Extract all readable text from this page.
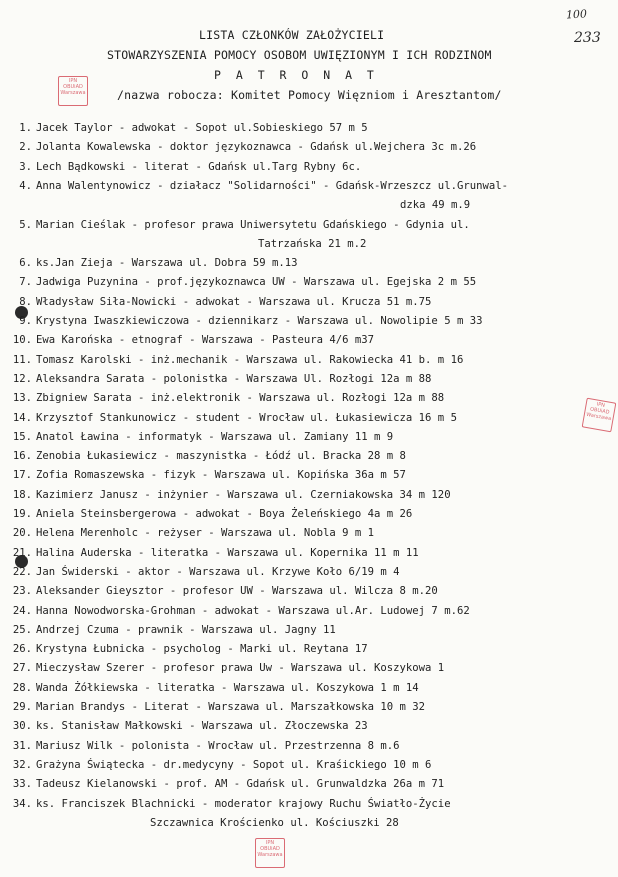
100
233
LISTA CZŁONKÓW ZAŁOŻYCIELI
STOWARZYSZENIA POMOCY OSOBOM UWIĘZIONYM I ICH RODZINOM
P A T R O N A T
/nazwa robocza: Komitet Pomocy Więzniom i Aresztantom/
IPN OBUiAD Warszawa
IPN OBUiAD Warszawa
IPN OBUiAD Warszawa
1. Jacek Taylor - adwokat - Sopot ul.Sobieskiego 57 m 5
2. Jolanta Kowalewska - doktor językoznawca - Gdańsk ul.Wejchera 3c m.26
3. Lech Bądkowski - literat - Gdańsk ul.Targ Rybny 6c.
4. Anna Walentynowicz - działacz "Solidarności" - Gdańsk-Wrzeszcz ul.Grunwal-
dzka 49 m.9
5. Marian Cieślak - profesor prawa Uniwersytetu Gdańskiego - Gdynia ul.
Tatrzańska 21 m.2
6. ks.Jan Zieja - Warszawa ul. Dobra 59 m.13
7. Jadwiga Puzynina - prof.językoznawca UW - Warszawa ul. Egejska 2 m 55
8. Władysław Siła-Nowicki - adwokat - Warszawa ul. Krucza 51 m.75
9. Krystyna Iwaszkiewiczowa - dziennikarz - Warszawa ul. Nowolipie 5 m 33
10. Ewa Karońska - etnograf - Warszawa - Pasteura 4/6 m37
11. Tomasz Karolski - inż.mechanik - Warszawa ul. Rakowiecka 41 b. m 16
12. Aleksandra Sarata - polonistka - Warszawa Ul. Rozłogi 12a m 88
13. Zbigniew Sarata - inż.elektronik - Warszawa ul. Rozłogi 12a m 88
14. Krzysztof Stankunowicz - student - Wrocław ul. Łukasiewicza 16 m 5
15. Anatol Ławina - informatyk - Warszawa ul. Zamiany 11 m 9
16. Zenobia Łukasiewicz - maszynistka - Łódź ul. Bracka 28 m 8
17. Zofia Romaszewska - fizyk - Warszawa ul. Kopińska 36a m 57
18. Kazimierz Janusz - inżynier - Warszawa ul. Czerniakowska 34 m 120
19. Aniela Steinsbergerowa - adwokat - Boya Żeleńskiego 4a m 26
20. Helena Merenholc - reżyser - Warszawa ul. Nobla 9 m 1
21. Halina Auderska - literatka - Warszawa ul. Kopernika 11 m 11
22. Jan Świderski - aktor - Warszawa ul. Krzywe Koło 6/19 m 4
23. Aleksander Gieysztor - profesor UW - Warszawa ul. Wilcza 8 m.20
24. Hanna Nowodworska-Grohman - adwokat - Warszawa ul.Ar. Ludowej 7 m.62
25. Andrzej Czuma - prawnik - Warszawa ul. Jagny 11
26. Krystyna Łubnicka - psycholog - Marki ul. Reytana 17
27. Mieczysław Szerer - profesor prawa Uw - Warszawa ul. Koszykowa 1
28. Wanda Żółkiewska - literatka - Warszawa ul. Koszykowa 1 m 14
29. Marian Brandys - Literat - Warszawa ul. Marszałkowska 10 m 32
30. ks. Stanisław Małkowski - Warszawa ul. Złoczewska 23
31. Mariusz Wilk - polonista - Wrocław ul. Przestrzenna 8 m.6
32. Grażyna Świątecka - dr.medycyny - Sopot ul. Kraśickiego 10 m 6
33. Tadeusz Kielanowski - prof. AM - Gdańsk ul. Grunwaldzka 26a m 71
34. ks. Franciszek Blachnicki - moderator krajowy Ruchu Światło-Życie
Szczawnica Krościenko ul. Kościuszki 28
